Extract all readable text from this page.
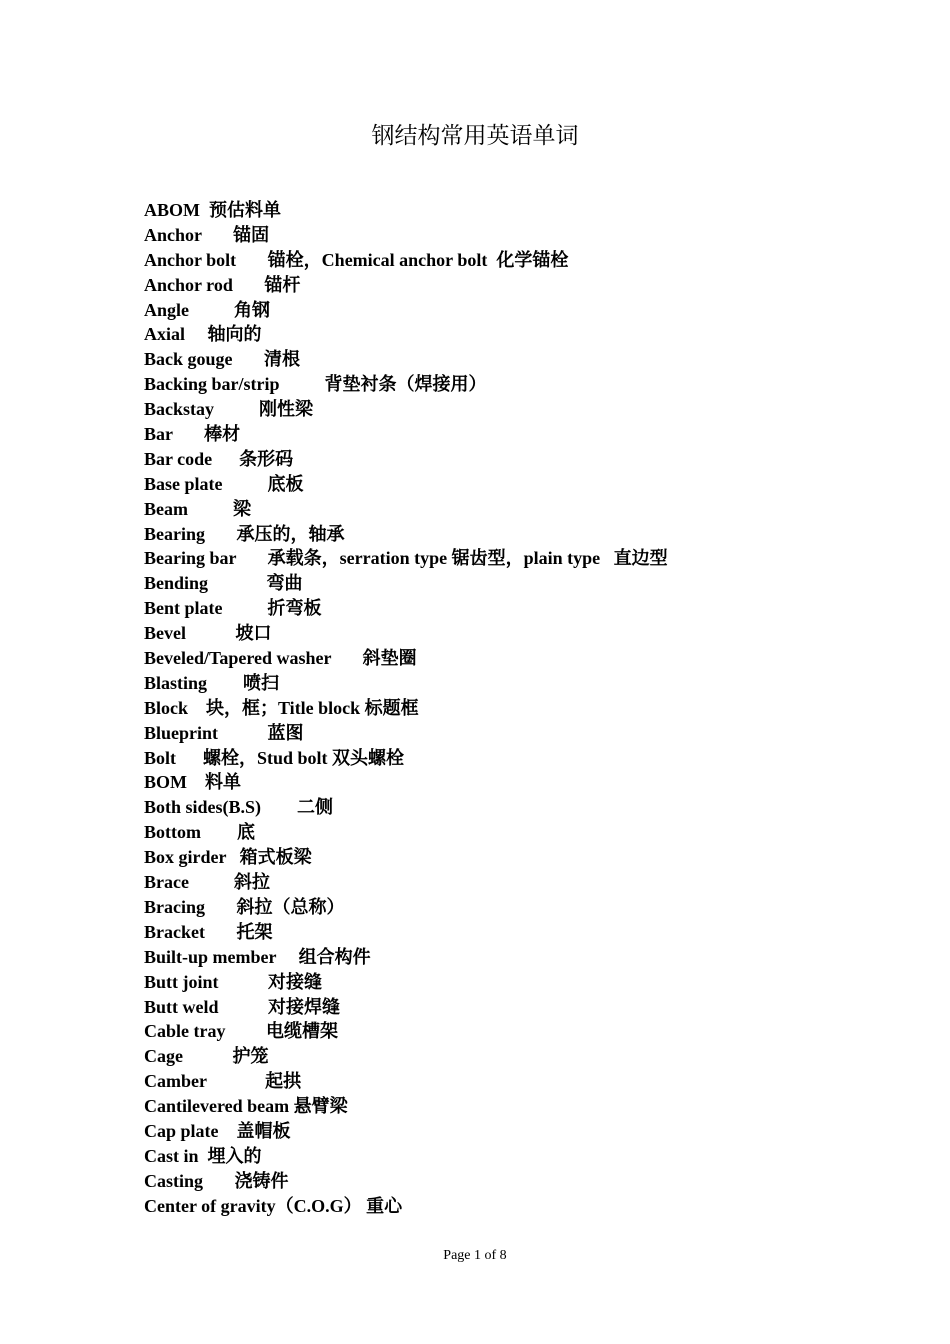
钢结构常用英语单词
ABOM  预估料单
Anchor       锚固
Anchor bolt       锚栓，Chemical anchor bolt  化学锚栓
Anchor rod       锚杆
Angle          角钢
Axial     轴向的
Back gouge       清根
Backing bar/strip          背垫衬条（焊接用）
Backstay          刚性梁
Bar       棒材
Bar code      条形码
Base plate          底板
Beam          梁
Bearing       承压的，轴承
Bearing bar       承载条，serration type 锯齿型，plain type   直边型
Bending             弯曲
Bent plate          折弯板
Bevel           坡口
Beveled/Tapered washer       斜垫圈
Blasting        喷扫
Block    块，框；Title block 标题框
Blueprint           蓝图
Bolt      螺栓，Stud bolt 双头螺栓
BOM    料单
Both sides(B.S)        二侧
Bottom        底
Box girder   箱式板梁
Brace          斜拉
Bracing       斜拉（总称）
Bracket       托架
Built-up member     组合构件
Butt joint           对接缝
Butt weld           对接焊缝
Cable tray         电缆槽架
Cage           护笼
Camber             起拱
Cantilevered beam 悬臂梁
Cap plate    盖帽板
Cast in  埋入的
Casting       浇铸件
Center of gravity（C.O.G） 重心
Page 1 of 8
